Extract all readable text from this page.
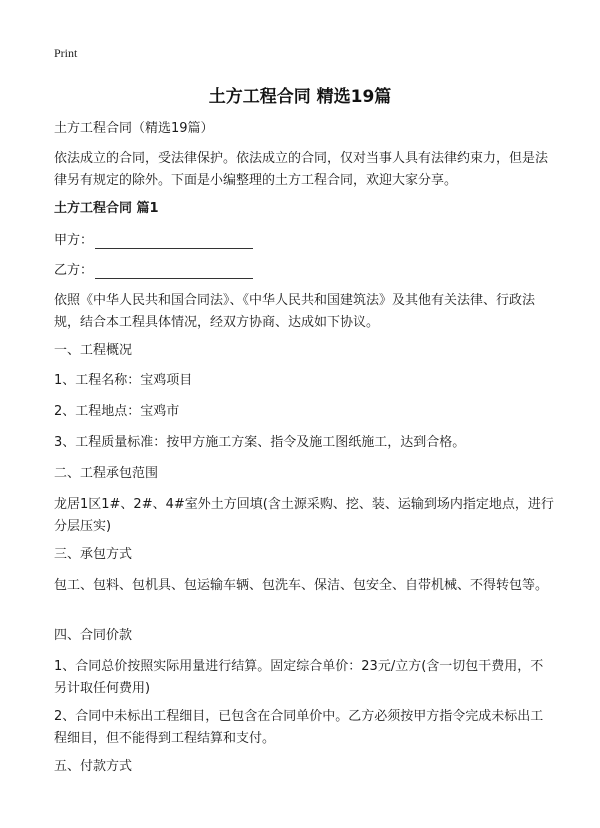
Print
土方工程合同 精选19篇
土方工程合同（精选19篇）
依法成立的合同，受法律保护。依法成立的合同，仅对当事人具有法律约束力，但是法律另有规定的除外。下面是小编整理的土方工程合同，欢迎大家分享。
土方工程合同 篇1
甲方：
乙方：
依照《中华人民共和国合同法》、《中华人民共和国建筑法》及其他有关法律、行政法规，结合本工程具体情况，经双方协商、达成如下协议。
一、工程概况
1、工程名称：宝鸡项目
2、工程地点：宝鸡市
3、工程质量标准：按甲方施工方案、指令及施工图纸施工，达到合格。
二、工程承包范围
龙居1区1#、2#、4#室外土方回填(含土源采购、挖、装、运输到场内指定地点，进行分层压实)
三、承包方式
包工、包料、包机具、包运输车辆、包洗车、保洁、包安全、自带机械、不得转包等。
四、合同价款
1、合同总价按照实际用量进行结算。固定综合单价：23元/立方(含一切包干费用，不另计取任何费用)
2、合同中未标出工程细目，已包含在合同单价中。乙方必须按甲方指令完成未标出工程细目，但不能得到工程结算和支付。
五、付款方式
